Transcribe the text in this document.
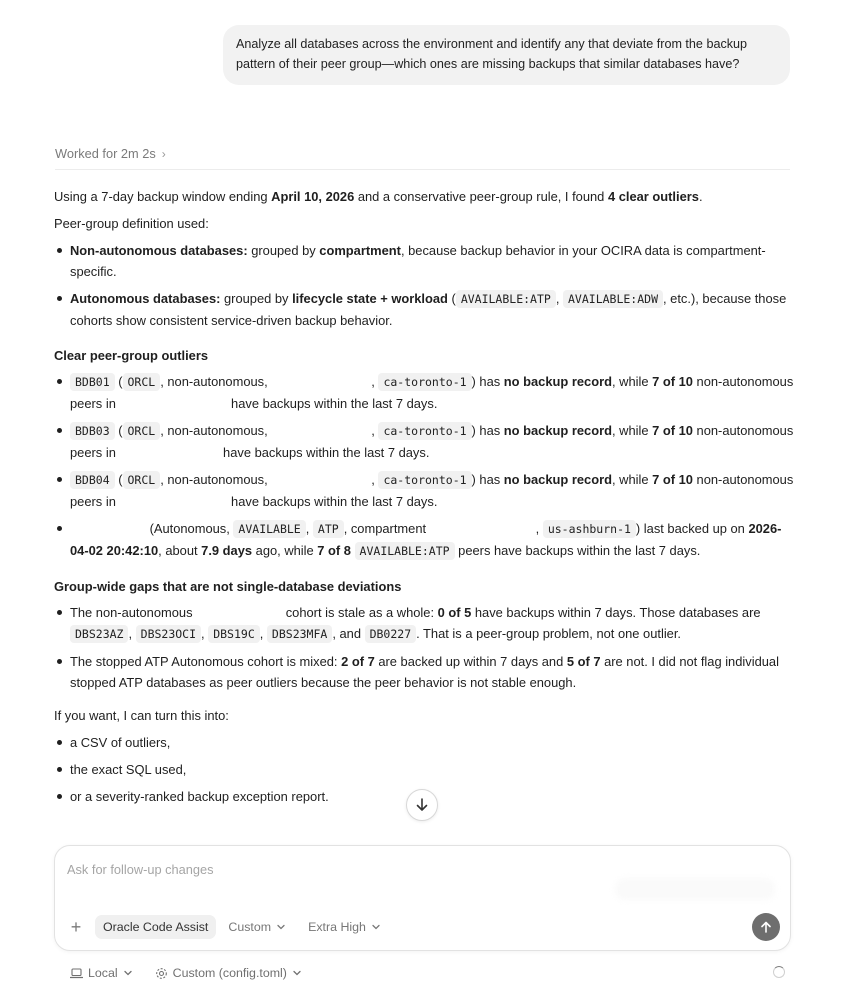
Analyze all databases across the environment and identify any that deviate from the backup pattern of their peer group—which ones are missing backups that similar databases have?
Worked for 2m 2s ›

Using a 7-day backup window ending April 10, 2026 and a conservative peer-group rule, I found 4 clear outliers.

Peer-group definition used:

Non-autonomous databases: grouped by compartment, because backup behavior in your OCIRA data is compartment-specific.
Autonomous databases: grouped by lifecycle state + workload ( AVAILABLE:ATP , AVAILABLE:ADW , etc.), because those cohorts show consistent service-driven backup behavior.
Clear peer-group outliers
BDB01 ( ORCL , non-autonomous,	, ca-toronto-1 ) has no backup record, while 7 of 10 non-autonomous peers in	have backups within the last 7 days.
BDB03 ( ORCL , non-autonomous,	, ca-toronto-1 ) has no backup record, while 7 of 10 non-autonomous peers in	have backups within the last 7 days.
BDB04 ( ORCL , non-autonomous,	, ca-toronto-1 ) has no backup record, while 7 of 10 non-autonomous peers in	have backups within the last 7 days.
(Autonomous, AVAILABLE , ATP , compartment	, us-ashburn-1 ) last backed up on 2026-04-02 20:42:10, about 7.9 days ago, while 7 of 8 AVAILABLE:ATP peers have backups within the last 7 days.
Group-wide gaps that are not single-database deviations
The non-autonomous	cohort is stale as a whole: 0 of 5 have backups within 7 days. Those databases are DBS23AZ , DBS23OCI , DBS19C , DBS23MFA , and DB0227 . That is a peer-group problem, not one outlier.
The stopped ATP Autonomous cohort is mixed: 2 of 7 are backed up within 7 days and 5 of 7 are not. I did not flag individual stopped ATP databases as peer outliers because the peer behavior is not stable enough.

If you want, I can turn this into:

a CSV of outliers,
the exact SQL used,
or a severity-ranked backup exception report.
Ask for follow-up changes
+	Oracle Code Assist	Custom	Extra High
Local	Custom (config.toml)
